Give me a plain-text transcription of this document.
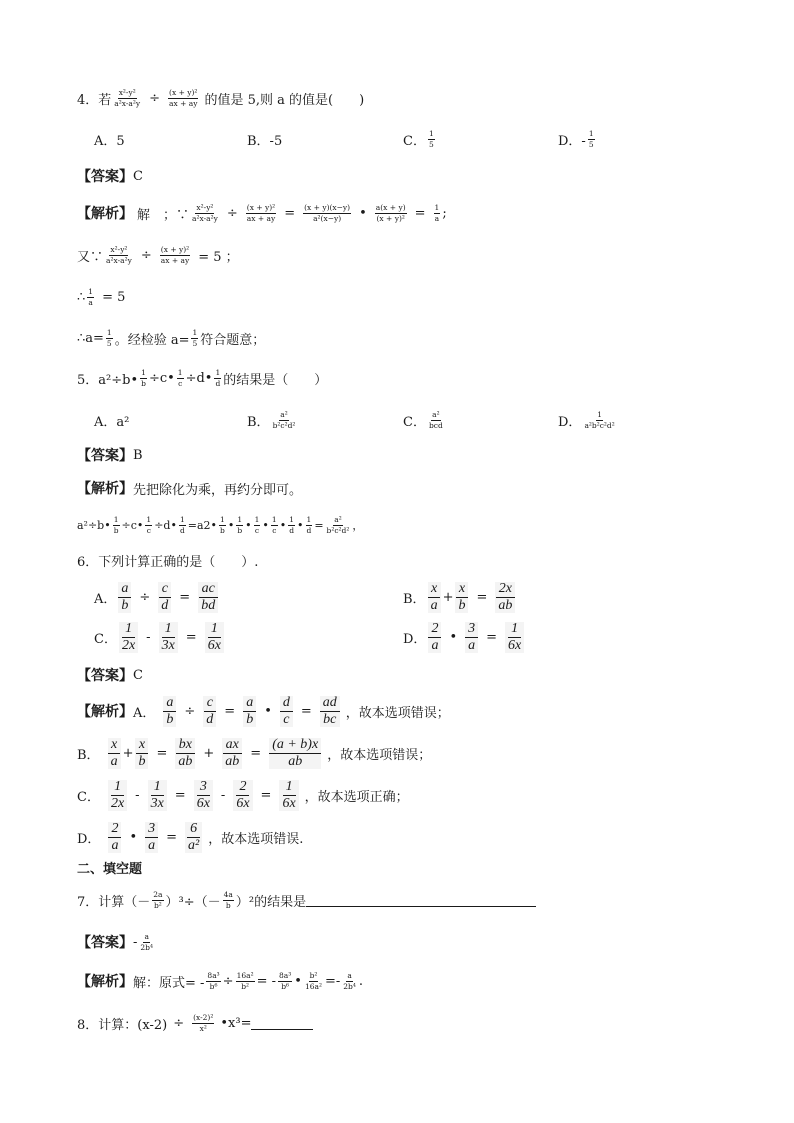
4．若 $\frac{\text{x²-y²}}{\text{a²x-a²y}} \div \frac{\text{(x + y)²}}{ax + ay}$ 的值是 5,则 a 的值是(　　)
A．5	B．-5	C． $\frac{1}{5}$	D．- $\frac{1}{5}$
【答案】 C
【解析】 解　；∵ $\frac{\text{x²-y²}}{\text{a²x-a²y}} \div \frac{\text{(x + y)²}}{ax + ay} = \frac{(x + y)(x-y)}{\text{a²(x−y)}}$ • $\frac{a(x + y)}{\text{(x + y)²}} = \frac{1}{a}$ ;
又∵ $\frac{\text{x²-y²}}{\text{a²x-a²y}} \div \frac{\text{(x + y)²}}{ax + ay} = 5$ ；
∴ $\frac{1}{a} = 5$
∴a= $\frac{1}{5}$ 。经检验 $a= \frac{1}{5}$ 符合题意；
5．a²÷b• $\frac{1}{b}$ ÷c• $\frac{1}{c}$ ÷d• $\frac{1}{d}$ 的结果是（　　）
A．a²	B． $\frac{\text{a²}}{\text{b²c²d²}}$	C． $\frac{\text{a²}}{\text{bcd}}$	D． $\frac{1}{\text{a²b²c²d²}}$
【答案】 B
【解析】 先把除化为乘，再约分即可。
a²÷b• $\frac{1}{b}$ ÷c• $\frac{1}{c}$ ÷d• $\frac{1}{d}$ =a2• $\frac{1}{b}$ • $\frac{1}{b}$ • $\frac{1}{c}$ • $\frac{1}{c}$ • $\frac{1}{d}$ • $\frac{1}{d} = \frac{\text{a²}}{\text{b²c²d²}}$ ，
6．下列计算正确的是（　　）.
A． $\frac{a}{b} \div \frac{c}{d} = \frac{ac}{bd}$	B． $\frac{x}{a} + \frac{x}{b} = \frac{2x}{ab}$
C． $\frac{1}{2x} - \frac{1}{3x} = \frac{1}{6x}$	D． $\frac{2}{a}$ • $\frac{3}{a} = \frac{1}{6x}$
【答案】 C
【解析】 A． $\frac{a}{b} \div \frac{c}{d} = \frac{a}{b}$ • $\frac{d}{c} = \frac{ad}{bc}$ ，故本选项错误；
B． $\frac{x}{a} + \frac{x}{b} = \frac{bx}{ab} + \frac{ax}{ab} = \frac{(a + b)x}{ab}$ ，故本选项错误；
C． $\frac{1}{2x} - \frac{1}{3x} = \frac{3}{6x} - \frac{2}{6x} = \frac{1}{6x}$ ，故本选项正确；
D． $\frac{2}{a}$ • $\frac{3}{a} = \frac{6}{\text{a²}}$ ，故本选项错误.
二、填空题
7．计算（－ $\frac{2a}{\text{b²}} )^3\div(- \frac{4a}{b} )^2$的结果是
【答案】 - $\frac{a}{\text{2b⁴}}$
【解析】 解：原式= - $\frac{\text{8a³}}{\text{b⁶}} \div \frac{\text{16a²}}{\text{b²}}$ = - $\frac{\text{8a³}}{\text{b⁶}}$ • $\frac{\text{b²}}{\text{16a²}} =- \frac{a}{\text{2b⁴}}$ .
8．计算：$(x-2) \div \frac{\text{(x-2)²}}{\text{x²}}$ •x³=
